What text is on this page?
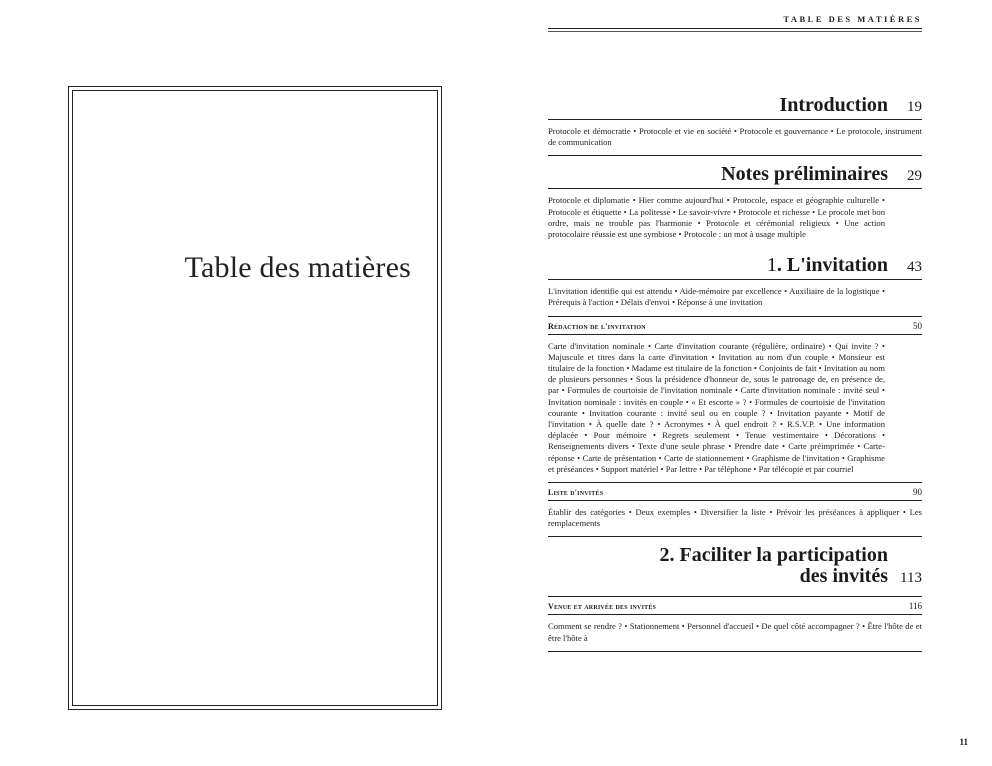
Table des matières
TABLE DES MATIÈRES
Introduction	19
Protocole et démocratie • Protocole et vie en société • Protocole et gouvernance • Le protocole, instrument de communication
Notes préliminaires	29
Protocole et diplomatie • Hier comme aujourd'hui • Protocole, espace et géographie culturelle • Protocole et étiquette • La politesse • Le savoir-vivre • Protocole et richesse • Le procole met bon ordre, mais ne trouble pas l'harmonie • Protocole et cérémonial religieux • Une action protocolaire réussie est une symbiose • Protocole : un mot à usage multiple
1. L'invitation	43
L'invitation identifie qui est attendu • Aide-mémoire par excellence • Auxiliaire de la logistique • Prérequis à l'action • Délais d'envoi • Réponse à une invitation
Rédaction de l'invitation	50
Carte d'invitation nominale • Carte d'invitation courante (régulière, ordinaire) • Qui invite ? • Majuscule et titres dans la carte d'invitation • Invitation au nom d'un couple • Monsieur est titulaire de la fonction • Madame est titulaire de la fonction • Conjoints de fait • Invitation au nom de plusieurs personnes • Sous la présidence d'honneur de, sous le patronage de, en présence de, par • Formules de courtoisie de l'invitation nominale • Carte d'invitation nominale : invité seul • Invitation nominale : invités en couple • « Et escorte » ? • Formules de courtoisie de l'invitation courante • Invitation courante : invité seul ou en couple ? • Invitation payante • Motif de l'invitation • À quelle date ? • Acronymes • À quel endroit ? • R.S.V.P. • Une information déplacée • Pour mémoire • Regrets seulement • Tenue vestimentaire • Décorations • Renseignements divers • Texte d'une seule phrase • Prendre date • Carte préimprimée • Carte-réponse • Carte de présentation • Carte de stationnement • Graphisme de l'invitation • Graphisme et préséances • Support matériel • Par lettre • Par téléphone • Par télécopie et par courriel
Liste d'invités	90
Établir des catégories • Deux exemples • Diversifier la liste • Prévoir les préséances à appliquer • Les remplacements
2. Faciliter la participation
des invités 113
Venue et arrivée des invités	116
Comment se rendre ? • Stationnement • Personnel d'accueil • De quel côté accompagner ? • Être l'hôte de et être l'hôte à
11
